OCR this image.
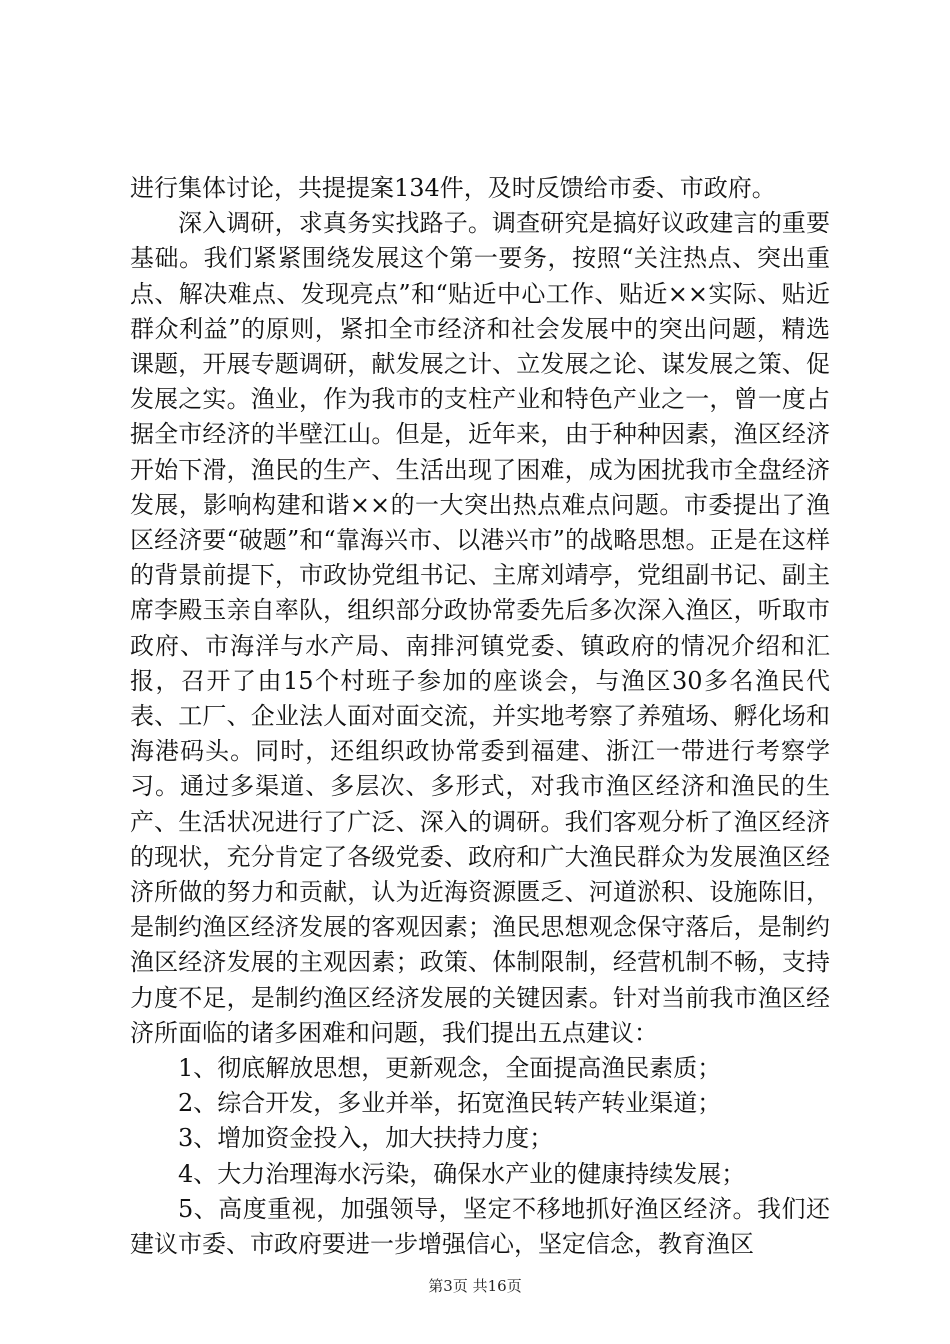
进行集体讨论，共提提案134件，及时反馈给市委、市政府。

深入调研，求真务实找路子。调查研究是搞好议政建言的重要基础。我们紧紧围绕发展这个第一要务，按照“关注热点、突出重点、解决难点、发现亮点”和“贴近中心工作、贴近××实际、贴近群众利益”的原则，紧扣全市经济和社会发展中的突出问题，精选课题，开展专题调研，献发展之计、立发展之论、谋发展之策、促发展之实。渔业，作为我市的支柱产业和特色产业之一，曾一度占据全市经济的半壁江山。但是，近年来，由于种种因素，渔区经济开始下滑，渔民的生产、生活出现了困难，成为困扰我市全盘经济发展，影响构建和谐××的一大突出热点难点问题。市委提出了渔区经济要“破题”和“靠海兴市、以港兴市”的战略思想。正是在这样的背景前提下，市政协党组书记、主席刘靖亭，党组副书记、副主席李殿玉亲自率队，组织部分政协常委先后多次深入渔区，听取市政府、市海洋与水产局、南排河镇党委、镇政府的情况介绍和汇报，召开了由15个村班子参加的座谈会，与渔区30多名渔民代表、工厂、企业法人面对面交流，并实地考察了养殖场、孵化场和海港码头。同时，还组织政协常委到福建、浙江一带进行考察学习。通过多渠道、多层次、多形式，对我市渔区经济和渔民的生产、生活状况进行了广泛、深入的调研。我们客观分析了渔区经济的现状，充分肯定了各级党委、政府和广大渔民群众为发展渔区经济所做的努力和贡献，认为近海资源匮乏、河道淤积、设施陈旧，是制约渔区经济发展的客观因素；渔民思想观念保守落后，是制约渔区经济发展的主观因素；政策、体制限制，经营机制不畅，支持力度不足，是制约渔区经济发展的关键因素。针对当前我市渔区经济所面临的诸多困难和问题，我们提出五点建议：

1、彻底解放思想，更新观念，全面提高渔民素质；

2、综合开发，多业并举，拓宽渔民转产转业渠道；

3、增加资金投入，加大扶持力度；

4、大力治理海水污染，确保水产业的健康持续发展；

5、高度重视，加强领导，坚定不移地抓好渔区经济。我们还建议市委、市政府要进一步增强信心，坚定信念，教育渔区

第3页 共16页
